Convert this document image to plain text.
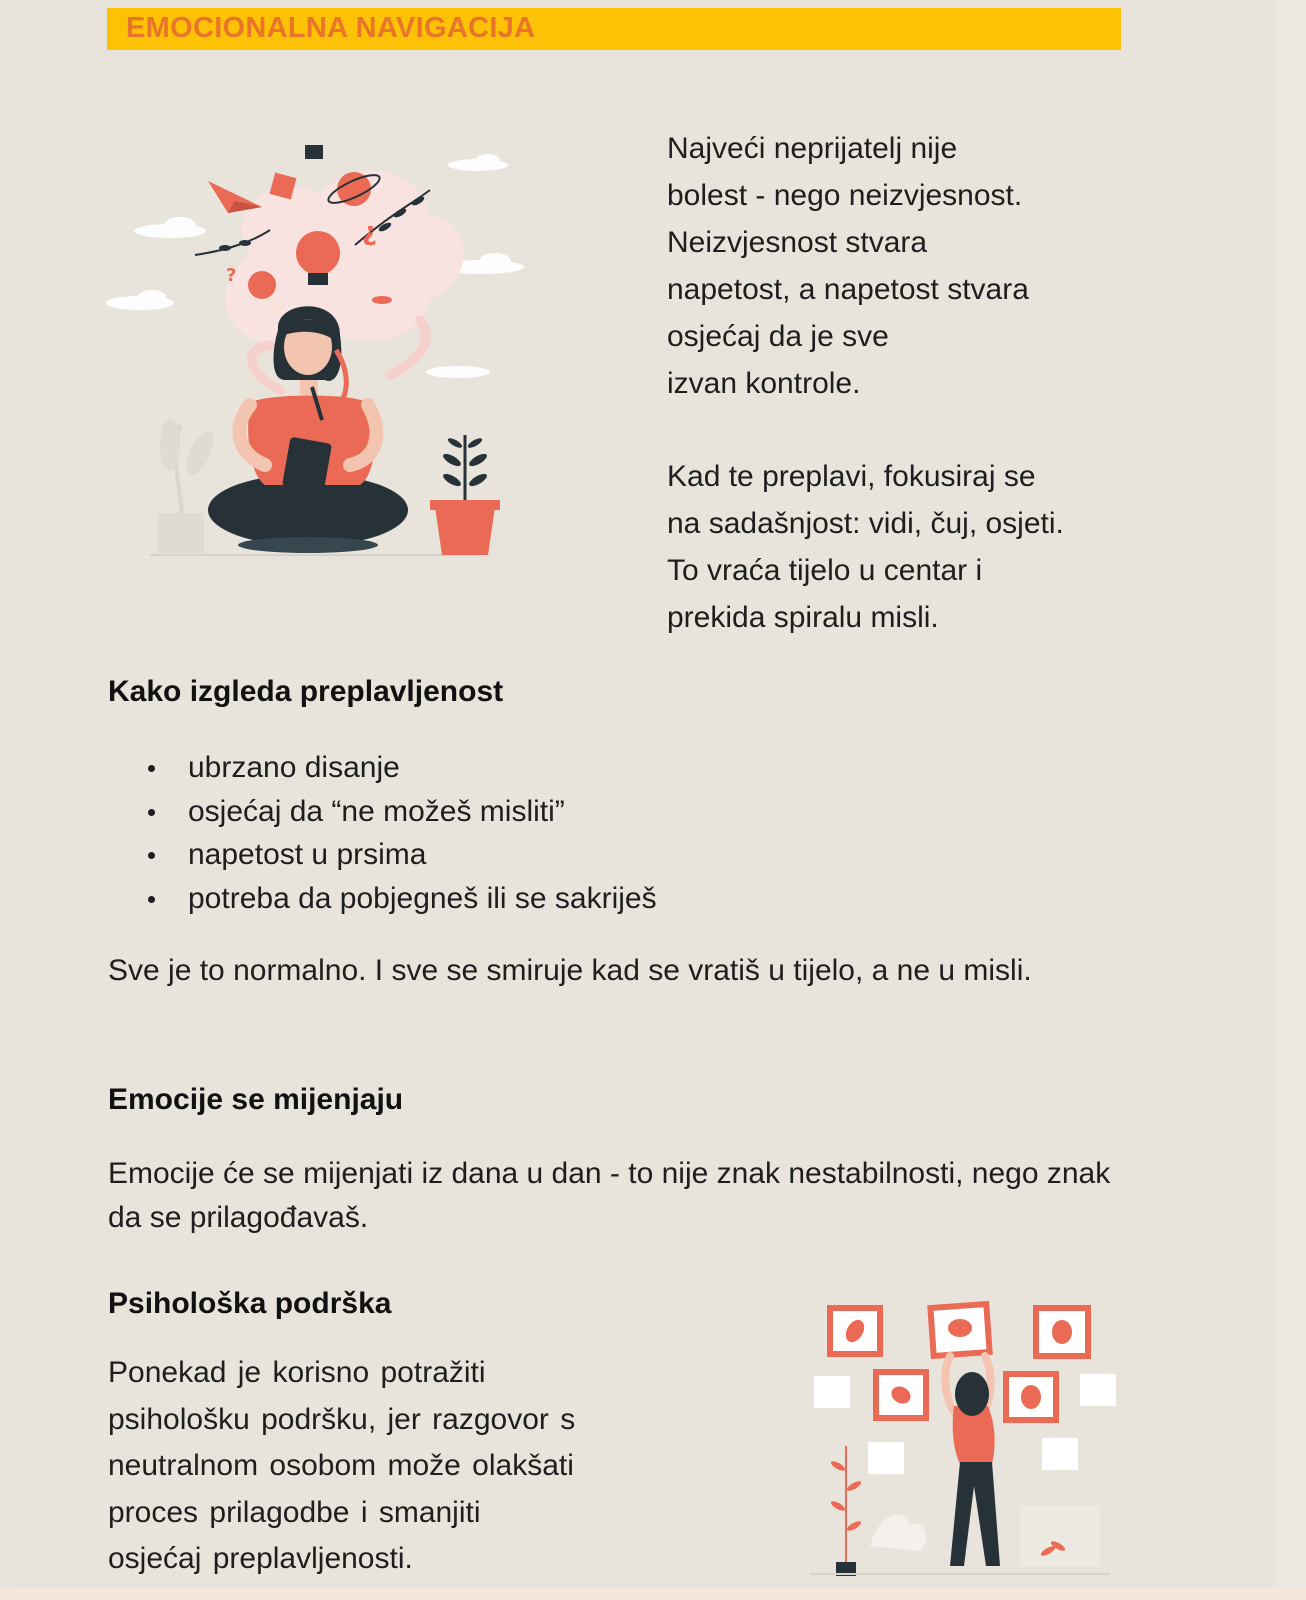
EMOCIONALNA NAVIGACIJA
¿
?

Najveći neprijatelj nije

bolest - nego neizvjesnost.

Neizvjesnost stvara

napetost, a napetost stvara

osjećaj da je sve

izvan kontrole.

Kad te preplavi, fokusiraj se

na sadašnjost: vidi, čuj, osjeti.

To vraća tijelo u centar i

prekida spiralu misli.

Kako izgleda preplavljenost
ubrzano disanje
osjećaj da “ne možeš misliti”
napetost u prsima
potreba da pobjegneš ili se sakriješ
Sve je to normalno. I sve se smiruje kad se vratiš u tijelo, a ne u misli.
Emocije se mijenjaju
Emocije će se mijenjati iz dana u dan - to nije znak nestabilnosti, nego znak da se prilagođavaš.
Psihološka podrška
Ponekad je korisno potražiti
psihološku podršku, jer razgovor s
neutralnom osobom može olakšati
proces prilagodbe i smanjiti
osjećaj preplavljenosti.
